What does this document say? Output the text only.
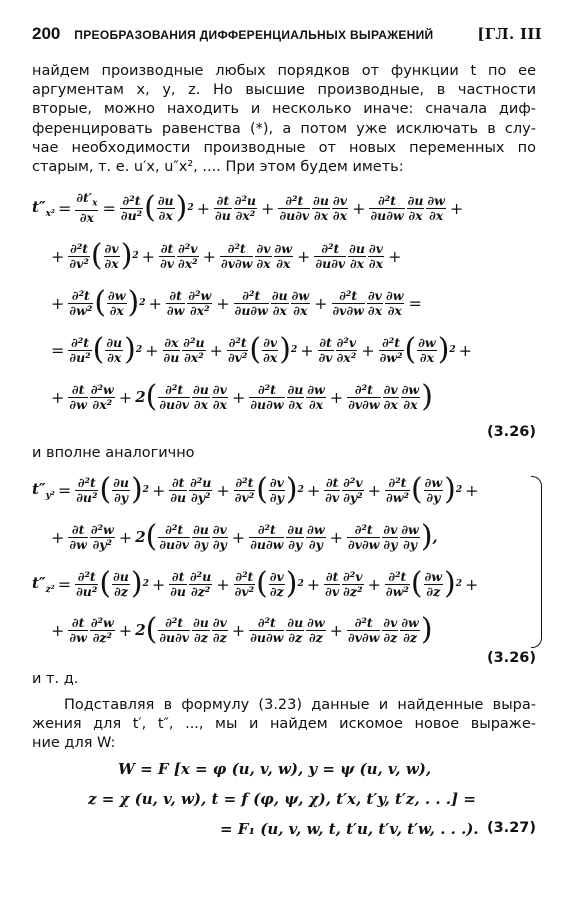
200 ПРЕОБРАЗОВАНИЯ ДИФФЕРЕНЦИАЛЬНЫХ ВЫРАЖЕНИЙ	[ГЛ. III
найдем производные любых порядков от функции t по ее
аргументам x, y, z. Но высшие производные, в частности
вторые, можно находить и несколько иначе: сначала диф-
ференцировать равенства (*), а потом уже исключать в слу-
чае необходимости производные от новых переменных по
старым, т. е. u′x, u″x², .... При этом будем иметь:
$t''_{x^2} = \frac{\partial t'_x}{\partial x} = \frac{\text{∂²t}}{\text{∂u²}}$ ( $\frac{\partial u}{\partial x}$ ) $2 + \frac{\partial t}{\partial u} \frac{\text{∂²u}}{\text{∂x²}} + \frac{\text{∂²t}}{\partial u\partial v} \frac{\partial u}{\partial x} \frac{\partial v}{\partial x} + \frac{\text{∂²t}}{\partial u\partial w} \frac{\partial u}{\partial x} \frac{\partial w}{\partial x}$ +
+ $\frac{\text{∂²t}}{\text{∂v²}}$ ( $\frac{\partial v}{\partial x}$ ) $2 + \frac{\partial t}{\partial v} \frac{\text{∂²v}}{\text{∂x²}} + \frac{\text{∂²t}}{\partial v\partial w} \frac{\partial v}{\partial x} \frac{\partial w}{\partial x} + \frac{\text{∂²t}}{\partial u\partial v} \frac{\partial u}{\partial x} \frac{\partial v}{\partial x}$ +
+ $\frac{\text{∂²t}}{\text{∂w²}}$ ( $\frac{\partial w}{\partial x}$ ) $2 + \frac{\partial t}{\partial w} \frac{\text{∂²w}}{\text{∂x²}} + \frac{\text{∂²t}}{\partial u\partial w} \frac{\partial u}{\partial x} \frac{\partial w}{\partial x} + \frac{\text{∂²t}}{\partial v\partial w} \frac{\partial v}{\partial x} \frac{\partial w}{\partial x}$ =
= $\frac{\text{∂²t}}{\text{∂u²}}$ ( $\frac{\partial u}{\partial x}$ ) $2 + \frac{\partial x}{\partial u} \frac{\text{∂²u}}{\text{∂x²}} + \frac{\text{∂²t}}{\text{∂v²}}$ ( $\frac{\partial v}{\partial x}$ ) $2 + \frac{\partial t}{\partial v} \frac{\text{∂²v}}{\text{∂x²}} + \frac{\text{∂²t}}{\text{∂w²}}$ ( $\frac{\partial w}{\partial x}$ ) 2 +
+ $\frac{\partial t}{\partial w} \frac{\text{∂²w}}{\text{∂x²}} + 2$ ( $\frac{\text{∂²t}}{\partial u\partial v} \frac{\partial u}{\partial x} \frac{\partial v}{\partial x} + \frac{\text{∂²t}}{\partial u\partial w} \frac{\partial u}{\partial x} \frac{\partial w}{\partial x} + \frac{\text{∂²t}}{\partial v\partial w} \frac{\partial v}{\partial x} \frac{\partial w}{\partial x}$ )
(3.26)
и вполне аналогично
$t''_{y^2} = \frac{\text{∂²t}}{\text{∂u²}}$ ( $\frac{\partial u}{\partial y}$ ) $2 + \frac{\partial t}{\partial u} \frac{\text{∂²u}}{\text{∂y²}} + \frac{\text{∂²t}}{\text{∂v²}}$ ( $\frac{\partial v}{\partial y}$ ) $2 + \frac{\partial t}{\partial v} \frac{\text{∂²v}}{\text{∂y²}} + \frac{\text{∂²t}}{\text{∂w²}}$ ( $\frac{\partial w}{\partial y}$ ) 2 +
+ $\frac{\partial t}{\partial w} \frac{\text{∂²w}}{\text{∂y²}} + 2$ ( $\frac{\text{∂²t}}{\partial u\partial v} \frac{\partial u}{\partial y} \frac{\partial v}{\partial y} + \frac{\text{∂²t}}{\partial u\partial w} \frac{\partial u}{\partial y} \frac{\partial w}{\partial y} + \frac{\text{∂²t}}{\partial v\partial w} \frac{\partial v}{\partial y} \frac{\partial w}{\partial y}$ ) ,
$t''_{z^2} = \frac{\text{∂²t}}{\text{∂u²}}$ ( $\frac{\partial u}{\partial z}$ ) $2 + \frac{\partial t}{\partial u} \frac{\text{∂²u}}{\text{∂z²}} + \frac{\text{∂²t}}{\text{∂v²}}$ ( $\frac{\partial v}{\partial z}$ ) $2 + \frac{\partial t}{\partial v} \frac{\text{∂²v}}{\text{∂z²}} + \frac{\text{∂²t}}{\text{∂w²}}$ ( $\frac{\partial w}{\partial z}$ ) 2 +
+ $\frac{\partial t}{\partial w} \frac{\text{∂²w}}{\text{∂z²}} + 2$ ( $\frac{\text{∂²t}}{\partial u\partial v} \frac{\partial u}{\partial z} \frac{\partial v}{\partial z} + \frac{\text{∂²t}}{\partial u\partial w} \frac{\partial u}{\partial z} \frac{\partial w}{\partial z} + \frac{\text{∂²t}}{\partial v\partial w} \frac{\partial v}{\partial z} \frac{\partial w}{\partial z}$ )
(3.26)
и т. д.
Подставляя в формулу (3.23) данные и найденные выра-
жения для t′, t″, ..., мы и найдем искомое новое выраже-
ние для W:
W = F [x = φ (u, v, w), y = ψ (u, v, w),
z = χ (u, v, w), t = f (φ, ψ, χ), t′x, t′y, t′z, . . .] =
= F₁ (u, v, w, t, t′u, t′v, t′w, . . .). (3.27)
